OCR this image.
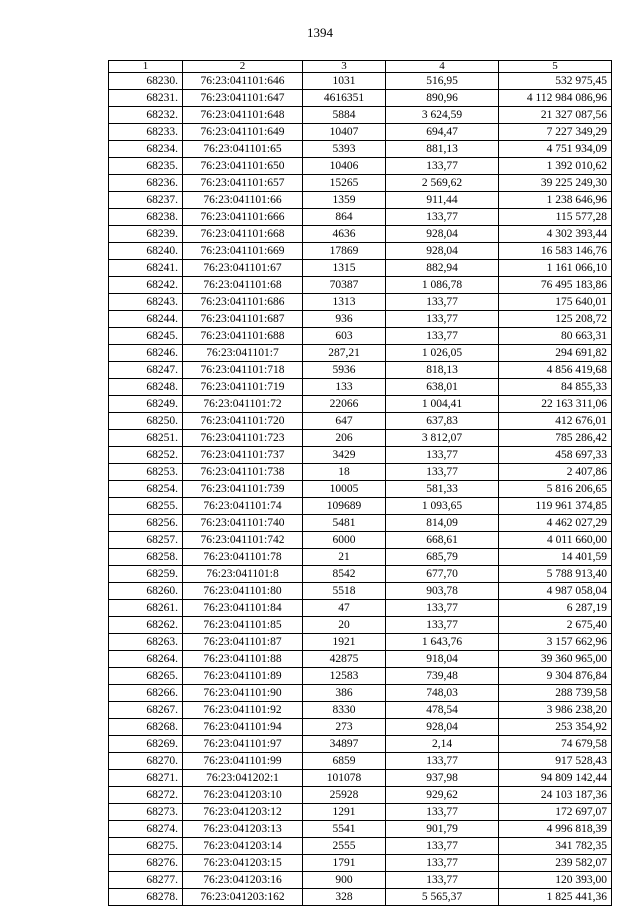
1394
1	2	3	4	5
68230.	76:23:041101:646	1031	516,95	532 975,45
68231.	76:23:041101:647	4616351	890,96	4 112 984 086,96
68232.	76:23:041101:648	5884	3 624,59	21 327 087,56
68233.	76:23:041101:649	10407	694,47	7 227 349,29
68234.	76:23:041101:65	5393	881,13	4 751 934,09
68235.	76:23:041101:650	10406	133,77	1 392 010,62
68236.	76:23:041101:657	15265	2 569,62	39 225 249,30
68237.	76:23:041101:66	1359	911,44	1 238 646,96
68238.	76:23:041101:666	864	133,77	115 577,28
68239.	76:23:041101:668	4636	928,04	4 302 393,44
68240.	76:23:041101:669	17869	928,04	16 583 146,76
68241.	76:23:041101:67	1315	882,94	1 161 066,10
68242.	76:23:041101:68	70387	1 086,78	76 495 183,86
68243.	76:23:041101:686	1313	133,77	175 640,01
68244.	76:23:041101:687	936	133,77	125 208,72
68245.	76:23:041101:688	603	133,77	80 663,31
68246.	76:23:041101:7	287,21	1 026,05	294 691,82
68247.	76:23:041101:718	5936	818,13	4 856 419,68
68248.	76:23:041101:719	133	638,01	84 855,33
68249.	76:23:041101:72	22066	1 004,41	22 163 311,06
68250.	76:23:041101:720	647	637,83	412 676,01
68251.	76:23:041101:723	206	3 812,07	785 286,42
68252.	76:23:041101:737	3429	133,77	458 697,33
68253.	76:23:041101:738	18	133,77	2 407,86
68254.	76:23:041101:739	10005	581,33	5 816 206,65
68255.	76:23:041101:74	109689	1 093,65	119 961 374,85
68256.	76:23:041101:740	5481	814,09	4 462 027,29
68257.	76:23:041101:742	6000	668,61	4 011 660,00
68258.	76:23:041101:78	21	685,79	14 401,59
68259.	76:23:041101:8	8542	677,70	5 788 913,40
68260.	76:23:041101:80	5518	903,78	4 987 058,04
68261.	76:23:041101:84	47	133,77	6 287,19
68262.	76:23:041101:85	20	133,77	2 675,40
68263.	76:23:041101:87	1921	1 643,76	3 157 662,96
68264.	76:23:041101:88	42875	918,04	39 360 965,00
68265.	76:23:041101:89	12583	739,48	9 304 876,84
68266.	76:23:041101:90	386	748,03	288 739,58
68267.	76:23:041101:92	8330	478,54	3 986 238,20
68268.	76:23:041101:94	273	928,04	253 354,92
68269.	76:23:041101:97	34897	2,14	74 679,58
68270.	76:23:041101:99	6859	133,77	917 528,43
68271.	76:23:041202:1	101078	937,98	94 809 142,44
68272.	76:23:041203:10	25928	929,62	24 103 187,36
68273.	76:23:041203:12	1291	133,77	172 697,07
68274.	76:23:041203:13	5541	901,79	4 996 818,39
68275.	76:23:041203:14	2555	133,77	341 782,35
68276.	76:23:041203:15	1791	133,77	239 582,07
68277.	76:23:041203:16	900	133,77	120 393,00
68278.	76:23:041203:162	328	5 565,37	1 825 441,36
